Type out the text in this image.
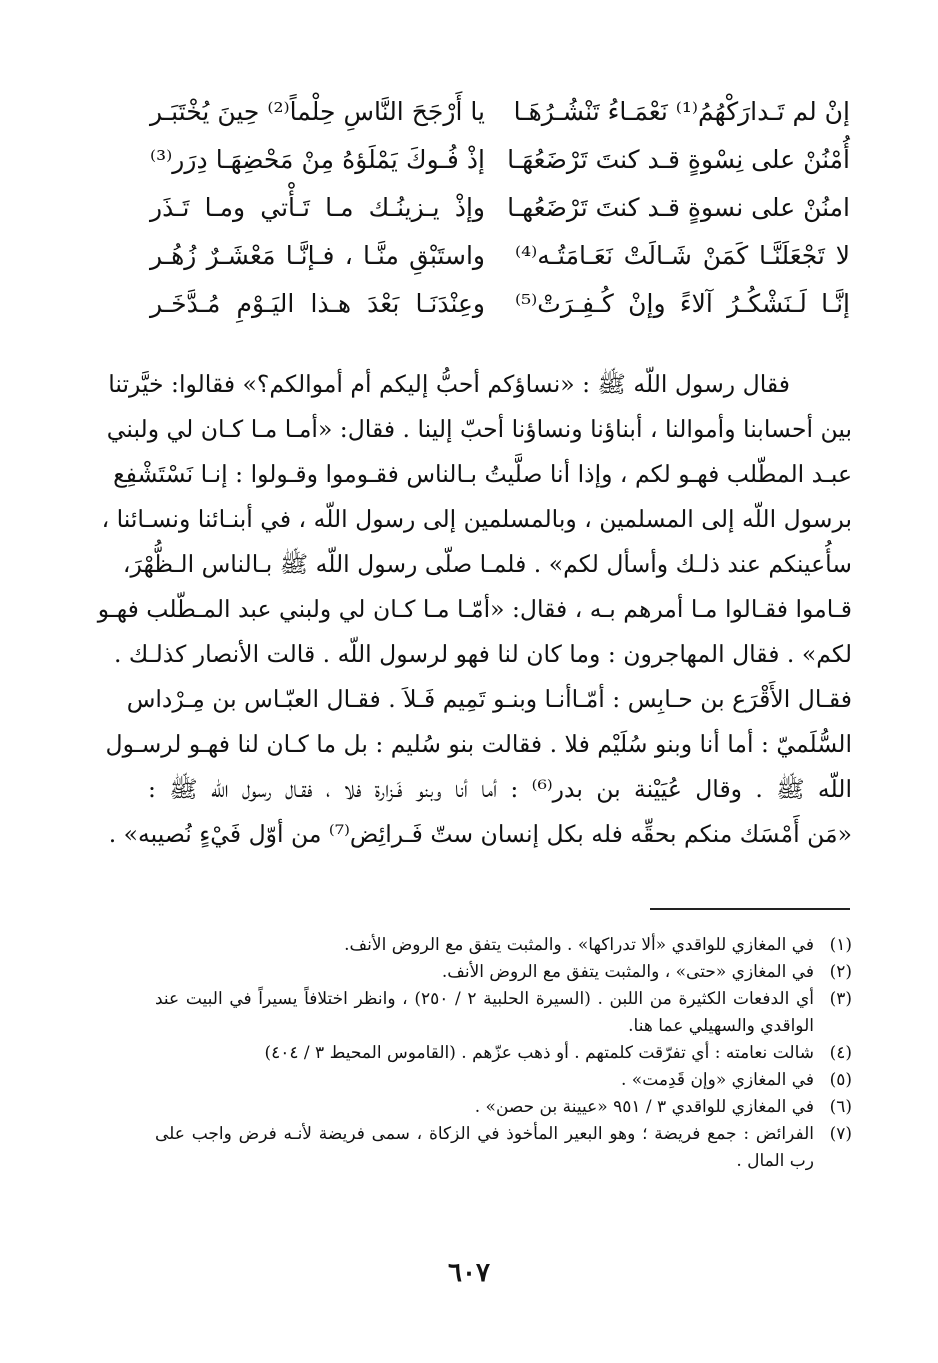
إنْ لم تَـدارَكْهُمُ⁽¹⁾ نَعْمَـاءُ تَنْشُـرُهَـا
يا أَرْجَحَ النَّاسِ حِلْماً⁽²⁾ حِينَ يُخْتَبَـر
أُمْنُنْ على نِسْوةٍ قـد كنتَ تَرْضَعُهَـا
إذْ فُـوكَ يَمْلَؤهُ مِنْ مَحْضِهَـا دِرَر⁽³⁾
امنُنْ على نسوةٍ قـد كنتَ تَرْضَعُهـا
وإذْ يـزينُـك مـا تَـأْتي ومـا تَـذَر
لا تَجْعَلَنَّـا كَمَنْ شَـالَتْ نَعَـامَتُـه⁽⁴⁾
واستَبْقِ منَّـا ، فـإنَّـا مَعْشَـرٌ زُهُـر
إنَّـا لَـنَشْكُـرُ آلاءً وإنْ كُـفِـرَتْ⁽⁵⁾
وعِنْدَنَـا بَعْدَ هـذا اليَـوْمِ مُـدَّخَـر
فقال رسول اللّه ﷺ : «نساؤكم أحبُّ إليكم أم أموالكم؟» فقالوا: خيَّرتنا
بين أحسابنا وأموالنا ، أبناؤنا ونساؤنا أحبّ إلينا . فقال: «أمـا مـا كـان لي ولبني
عبـد المطّلب فهـو لكم ، وإذا أنا صلَّيتُ بـالناس فقـوموا وقـولوا : إنـا نَسْتَشْفِع
برسول اللّه إلى المسلمين ، وبالمسلمين إلى رسول اللّه ، في أبنـائنا ونسـائنا ،
سأُعينكم عند ذلـك وأسأل لكم» . فلمـا صلّى رسول اللّه ﷺ بـالناس الـظُّهْرَ،
قـاموا فقـالوا مـا أمرهم بـه ، فقال: «أمّـا مـا كـان لي ولبني عبد المـطّلب فهـو
لكم» . فقال المهاجرون : وما كان لنا فهو لرسول اللّه . قالت الأنصار كذلـك .
فقـال الأَقْرَع بن حـابِس : أمّـاأنـا وبنـو تَمِيم فَـلاَ . فقـال العبّـاس بن مِـرْداس
السُّلَميّ : أما أنا وبنو سُلَيْم فلا . فقالت بنو سُليم : بل ما كـان لنا فهـو لرسـول
اللّه ﷺ . وقال عُيَيْنة بن بدر⁽⁶⁾ : أما أنا وبنو فَـزارة فلا ، فقـال رسول اللّه ﷺ :
«مَن أَمْسَك منكم بحقِّه فله بكل إنسان ستّ فَـرائِض⁽⁷⁾ من أوّل فَيْءٍ نُصيبه» .
(١)
في المغازي للواقدي «ألا تدراكها» . والمثبت يتفق مع الروض الأنف.
(٢)
في المغازي «حتى» ، والمثبت يتفق مع الروض الأنف.
(٣)
أي الدفعات الكثيرة من اللبن . (السيرة الحلبية ٢ / ٢٥٠) ، وانظر اختلافاً يسيراً في البيت عند الواقدي والسهيلي عما هنا.
(٤)
شالت نعامته : أي تفرّقت كلمتهم . أو ذهب عزّهم . (القاموس المحيط ٣ / ٤٠٤)
(٥)
في المغازي «وإن قَدِمت» .
(٦)
في المغازي للواقدي ٣ / ٩٥١ «عيينة بن حصن» .
(٧)
الفرائض : جمع فريضة ؛ وهو البعير المأخوذ في الزكاة ، سمى فريضة لأنـه فرض واجب على رب المال .
٦٠٧
